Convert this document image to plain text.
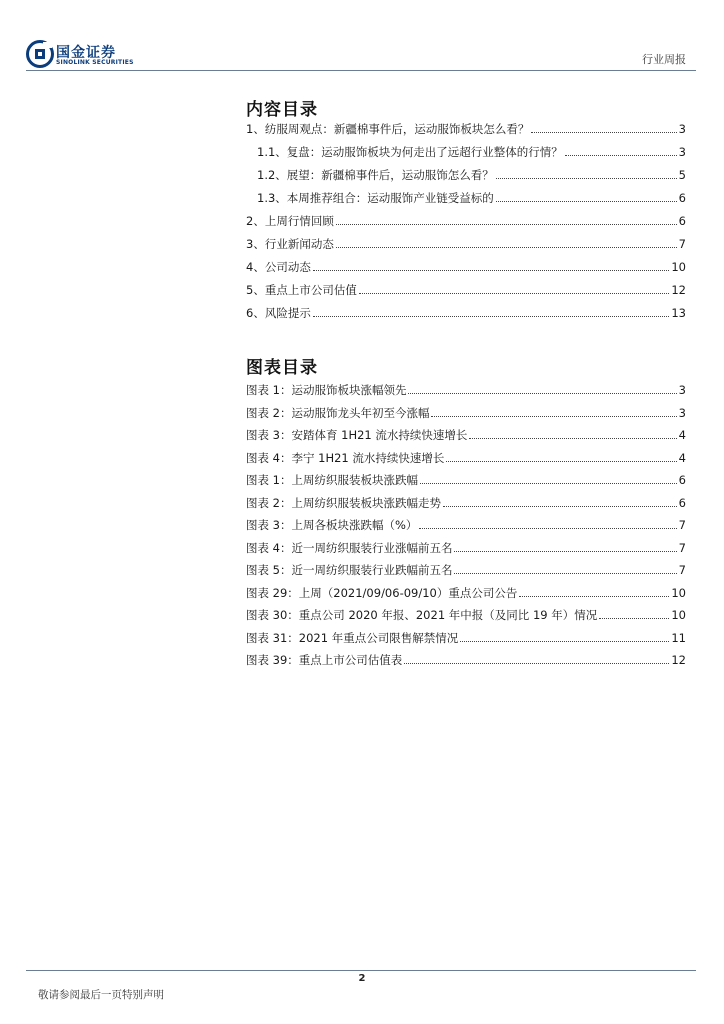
国金证券
SINOLINK SECURITIES	行业周报
内容目录
1、纺服周观点：新疆棉事件后，运动服饰板块怎么看？	3
1.1、复盘：运动服饰板块为何走出了远超行业整体的行情？	3
1.2、展望：新疆棉事件后，运动服饰怎么看？	5
1.3、本周推荐组合：运动服饰产业链受益标的	6
2、上周行情回顾	6
3、行业新闻动态	7
4、公司动态	10
5、重点上市公司估值	12
6、风险提示	13
图表目录
图表 1：运动服饰板块涨幅领先	3
图表 2：运动服饰龙头年初至今涨幅	3
图表 3：安踏体育 1H21 流水持续快速增长	4
图表 4：李宁 1H21 流水持续快速增长	4
图表 1：上周纺织服装板块涨跌幅	6
图表 2：上周纺织服装板块涨跌幅走势	6
图表 3：上周各板块涨跌幅（%）	7
图表 4：近一周纺织服装行业涨幅前五名	7
图表 5：近一周纺织服装行业跌幅前五名	7
图表 29：上周（2021/09/06-09/10）重点公司公告	10
图表 30：重点公司 2020 年报、2021 年中报（及同比 19 年）情况	10
图表 31：2021 年重点公司限售解禁情况	11
图表 39：重点上市公司估值表	12
2
敬请参阅最后一页特别声明
